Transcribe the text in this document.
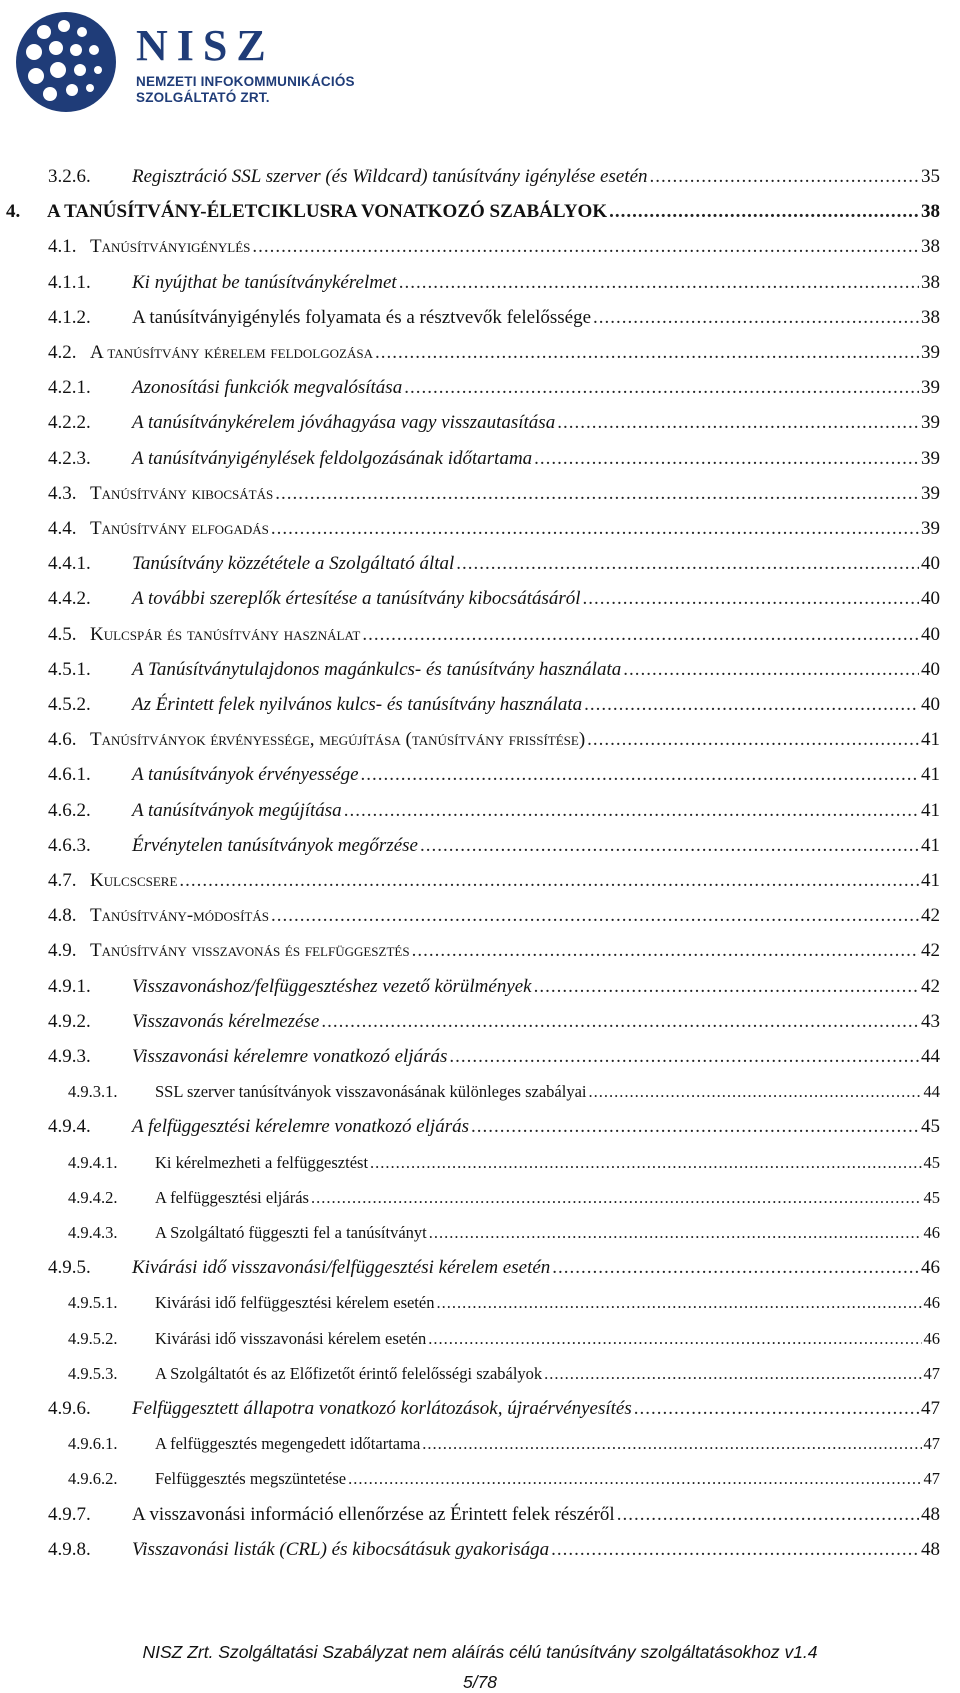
NISZ
NEMZETI INFOKOMMUNIKÁCIÓS
SZOLGÁLTATÓ ZRT.
3.2.6. Regisztráció SSL szerver (és Wildcard) tanúsítvány igénylése esetén .....	35
4. A TANÚSÍTVÁNY-ÉLETCIKLUSRA VONATKOZÓ SZABÁLYOK .....	38
4.1. Tanúsítványigénylés .....	38
4.1.1. Ki nyújthat be tanúsítványkérelmet .....	38
4.1.2. A tanúsítványigénylés folyamata és a résztvevők felelőssége .....	38
4.2. A tanúsítvány kérelem feldolgozása .....	39
4.2.1. Azonosítási funkciók megvalósítása .....	39
4.2.2. A tanúsítványkérelem jóváhagyása vagy visszautasítása .....	39
4.2.3. A tanúsítványigénylések feldolgozásának időtartama .....	39
4.3. Tanúsítvány kibocsátás .....	39
4.4. Tanúsítvány elfogadás .....	39
4.4.1. Tanúsítvány közzététele a Szolgáltató által .....	40
4.4.2. A további szereplők értesítése a tanúsítvány kibocsátásáról .....	40
4.5. Kulcspár és tanúsítvány használat .....	40
4.5.1. A Tanúsítványtulajdonos magánkulcs- és tanúsítvány használata .....	40
4.5.2. Az Érintett felek nyilvános kulcs- és tanúsítvány használata .....	40
4.6. Tanúsítványok érvényessége, megújítása (tanúsítvány frissítése) .....	41
4.6.1. A tanúsítványok érvényessége .....	41
4.6.2. A tanúsítványok megújítása .....	41
4.6.3. Érvénytelen tanúsítványok megőrzése .....	41
4.7. Kulcscsere .....	41
4.8. Tanúsítvány-módosítás .....	42
4.9. Tanúsítvány visszavonás és felfüggesztés .....	42
4.9.1. Visszavonáshoz/felfüggesztéshez vezető körülmények .....	42
4.9.2. Visszavonás kérelmezése .....	43
4.9.3. Visszavonási kérelemre vonatkozó eljárás .....	44
4.9.3.1. SSL szerver tanúsítványok visszavonásának különleges szabályai .....	44
4.9.4. A felfüggesztési kérelemre vonatkozó eljárás .....	45
4.9.4.1. Ki kérelmezheti a felfüggesztést .....	45
4.9.4.2. A felfüggesztési eljárás .....	45
4.9.4.3. A Szolgáltató függeszti fel a tanúsítványt .....	46
4.9.5. Kivárási idő visszavonási/felfüggesztési kérelem esetén .....	46
4.9.5.1. Kivárási idő felfüggesztési kérelem esetén .....	46
4.9.5.2. Kivárási idő visszavonási kérelem esetén .....	46
4.9.5.3. A Szolgáltatót és az Előfizetőt érintő felelősségi szabályok .....	47
4.9.6. Felfüggesztett állapotra vonatkozó korlátozások, újraérvényesítés .....	47
4.9.6.1. A felfüggesztés megengedett időtartama .....	47
4.9.6.2. Felfüggesztés megszüntetése .....	47
4.9.7. A visszavonási információ ellenőrzése az Érintett felek részéről .....	48
4.9.8. Visszavonási listák (CRL) és kibocsátásuk gyakorisága .....	48
NISZ Zrt. Szolgáltatási Szabályzat nem aláírás célú tanúsítvány szolgáltatásokhoz v1.4
5/78
